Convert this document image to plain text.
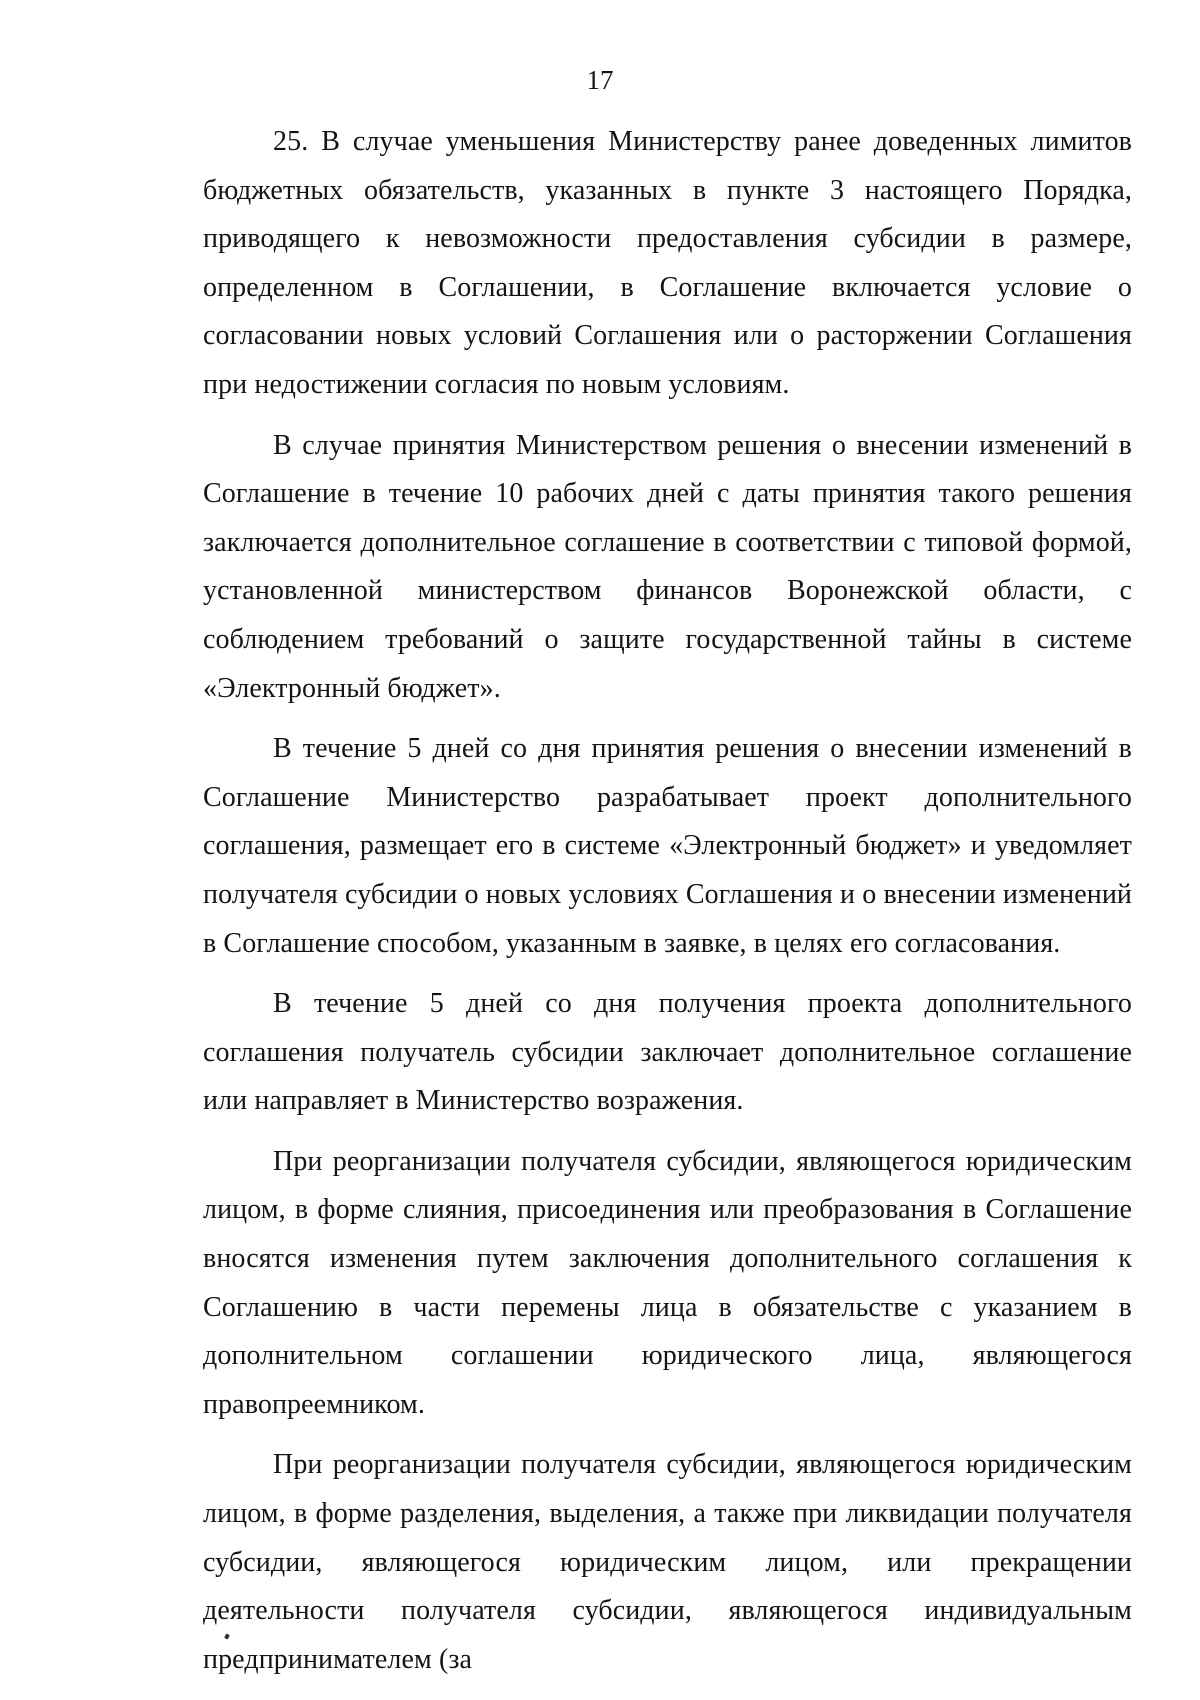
17

25. В случае уменьшения Министерству ранее доведенных лимитов бюджетных обязательств, указанных в пункте 3 настоящего Порядка, приводящего к невозможности предоставления субсидии в размере, определенном в Соглашении, в Соглашение включается условие о согласовании новых условий Соглашения или о расторжении Соглашения при недостижении согласия по новым условиям.

В случае принятия Министерством решения о внесении изменений в Соглашение в течение 10 рабочих дней с даты принятия такого решения заключается дополнительное соглашение в соответствии с типовой формой, установленной министерством финансов Воронежской области, с соблюдением требований о защите государственной тайны в системе «Электронный бюджет».

В течение 5 дней со дня принятия решения о внесении изменений в Соглашение Министерство разрабатывает проект дополнительного соглашения, размещает его в системе «Электронный бюджет» и уведомляет получателя субсидии о новых условиях Соглашения и о внесении изменений в Соглашение способом, указанным в заявке, в целях его согласования.

В течение 5 дней со дня получения проекта дополнительного соглашения получатель субсидии заключает дополнительное соглашение или направляет в Министерство возражения.

При реорганизации получателя субсидии, являющегося юридическим лицом, в форме слияния, присоединения или преобразования в Соглашение вносятся изменения путем заключения дополнительного соглашения к Соглашению в части перемены лица в обязательстве с указанием в дополнительном соглашении юридического лица, являющегося правопреемником.

При реорганизации получателя субсидии, являющегося юридическим лицом, в форме разделения, выделения, а также при ликвидации получателя субсидии, являющегося юридическим лицом, или прекращении деятельности получателя субсидии, являющегося индивидуальным предпринимателем (за
